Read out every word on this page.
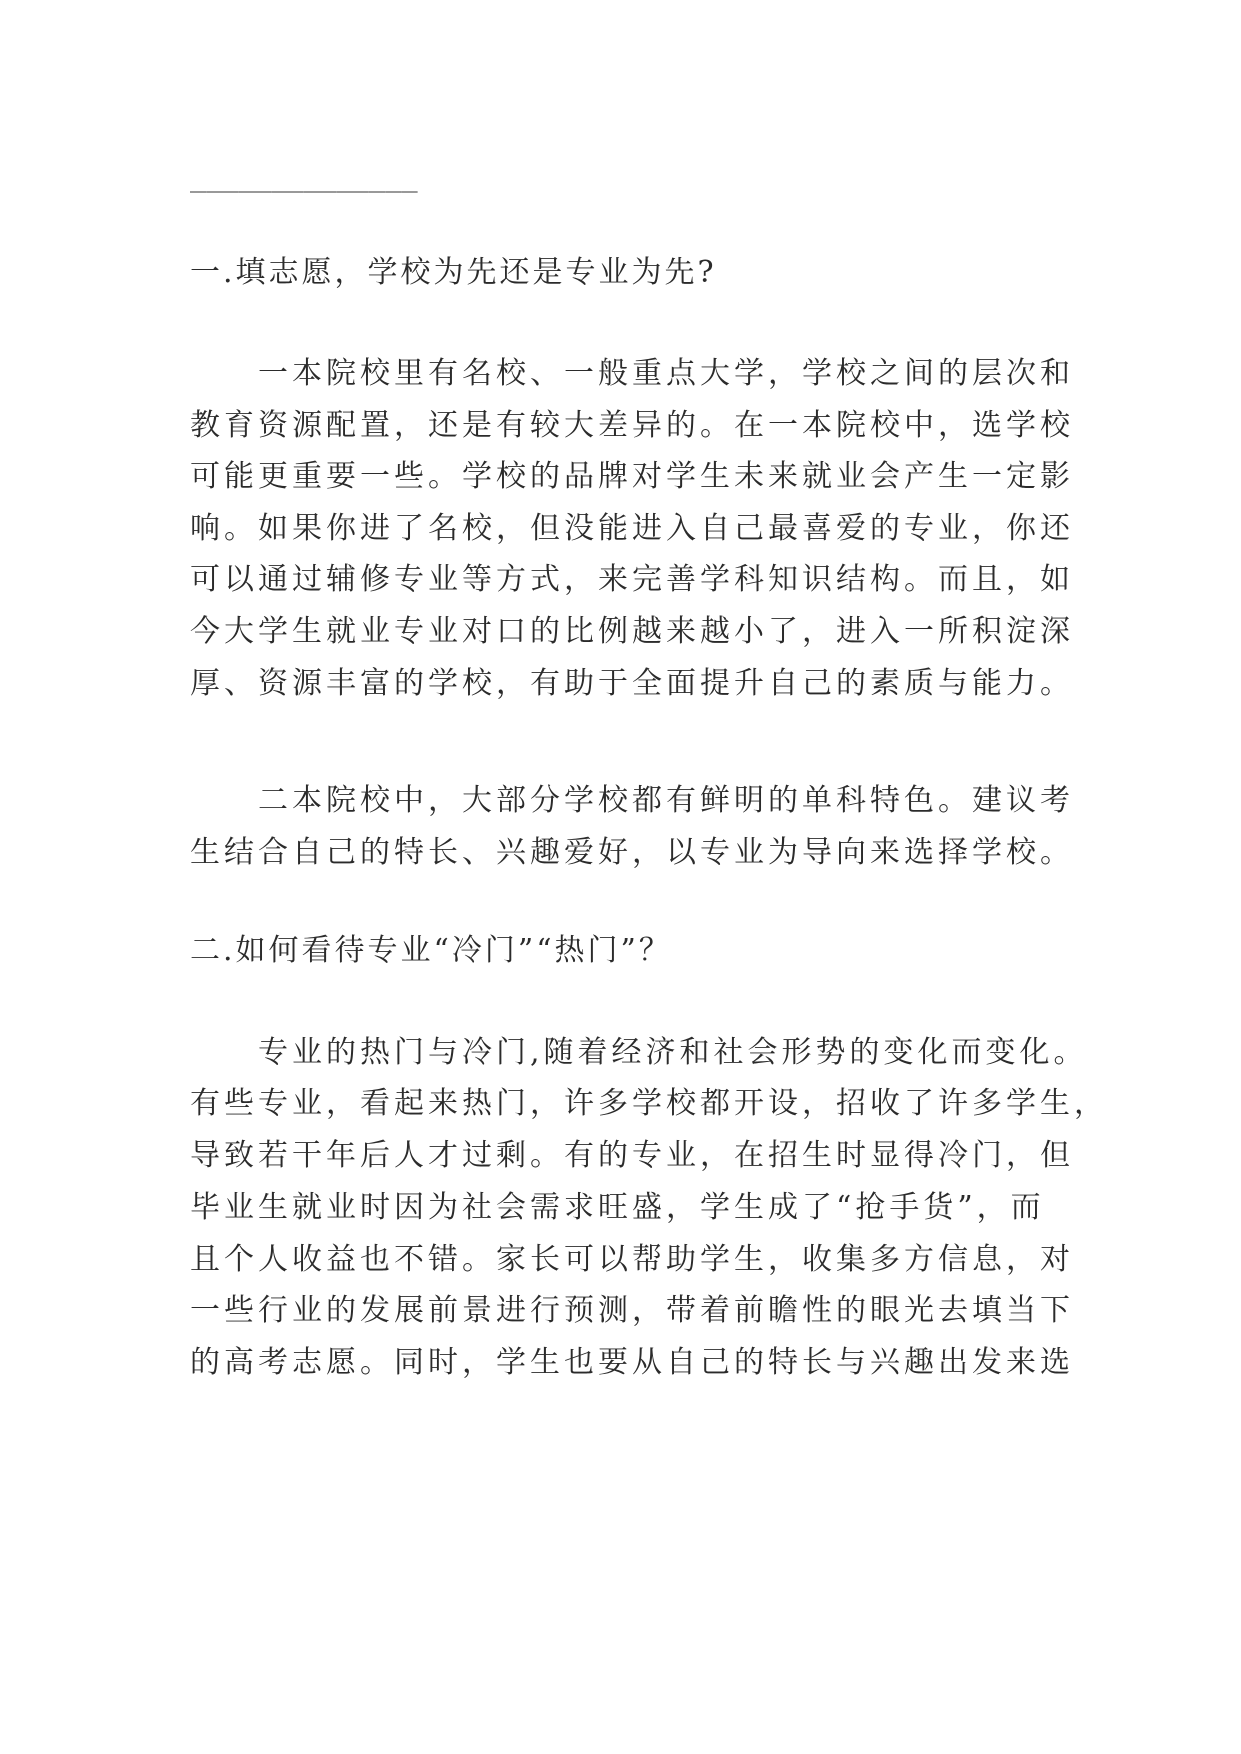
______________
一.填志愿，学校为先还是专业为先?
一本院校里有名校、一般重点大学，学校之间的层次和
教育资源配置，还是有较大差异的。在一本院校中，选学校
可能更重要一些。学校的品牌对学生未来就业会产生一定影
响。如果你进了名校，但没能进入自己最喜爱的专业，你还
可以通过辅修专业等方式，来完善学科知识结构。而且，如
今大学生就业专业对口的比例越来越小了，进入一所积淀深
厚、资源丰富的学校，有助于全面提升自己的素质与能力。
二本院校中，大部分学校都有鲜明的单科特色。建议考
生结合自己的特长、兴趣爱好，以专业为导向来选择学校。
二.如何看待专业“冷门”“热门”？
专业的热门与冷门,随着经济和社会形势的变化而变化。
有些专业，看起来热门，许多学校都开设，招收了许多学生，
导致若干年后人才过剩。有的专业，在招生时显得冷门，但
毕业生就业时因为社会需求旺盛，学生成了“抢手货”，而
且个人收益也不错。家长可以帮助学生，收集多方信息，对
一些行业的发展前景进行预测，带着前瞻性的眼光去填当下
的高考志愿。同时，学生也要从自己的特长与兴趣出发来选
